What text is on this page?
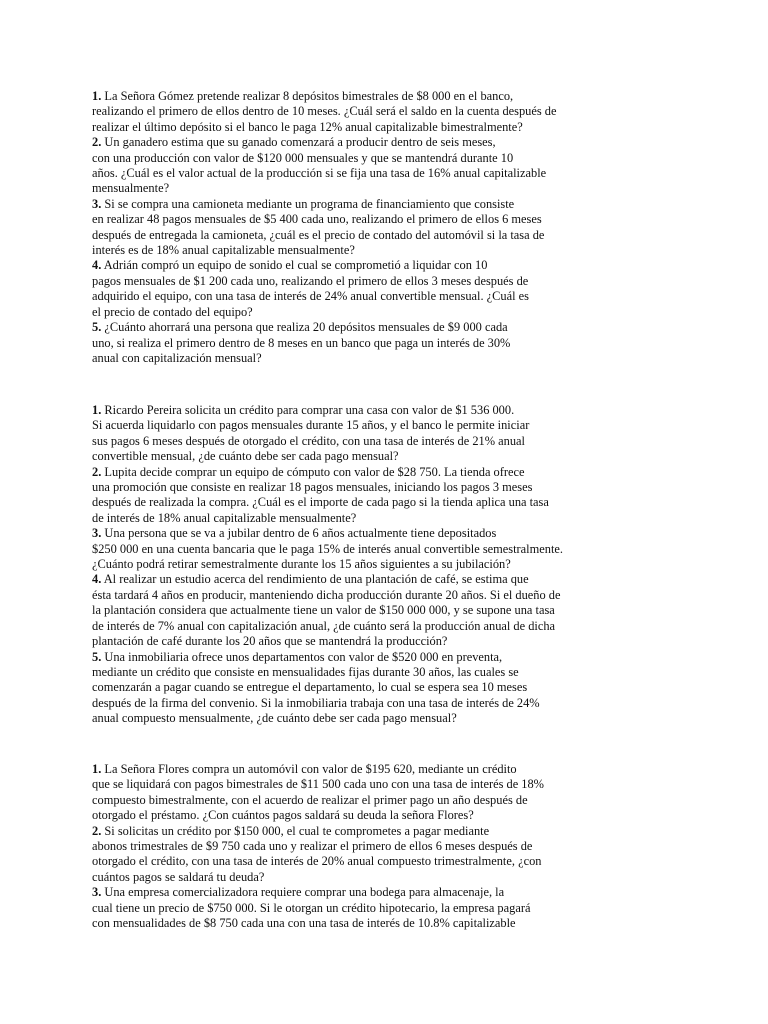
1. La Señora Gómez pretende realizar 8 depósitos bimestrales de $8 000 en el banco,
realizando el primero de ellos dentro de 10 meses. ¿Cuál será el saldo en la cuenta después de
realizar el último depósito si el banco le paga 12% anual capitalizable bimestralmente?
2. Un ganadero estima que su ganado comenzará a producir dentro de seis meses,
con una producción con valor de $120 000 mensuales y que se mantendrá durante 10
años. ¿Cuál es el valor actual de la producción si se fija una tasa de 16% anual capitalizable
mensualmente?
3. Si se compra una camioneta mediante un programa de financiamiento que consiste
en realizar 48 pagos mensuales de $5 400 cada uno, realizando el primero de ellos 6 meses
después de entregada la camioneta, ¿cuál es el precio de contado del automóvil si la tasa de
interés es de 18% anual capitalizable mensualmente?
4. Adrián compró un equipo de sonido el cual se comprometió a liquidar con 10
pagos mensuales de $1 200 cada uno, realizando el primero de ellos 3 meses después de
adquirido el equipo, con una tasa de interés de 24% anual convertible mensual. ¿Cuál es
el precio de contado del equipo?
5. ¿Cuánto ahorrará una persona que realiza 20 depósitos mensuales de $9 000 cada
uno, si realiza el primero dentro de 8 meses en un banco que paga un interés de 30%
anual con capitalización mensual?
1. Ricardo Pereira solicita un crédito para comprar una casa con valor de $1 536 000.
Si acuerda liquidarlo con pagos mensuales durante 15 años, y el banco le permite iniciar
sus pagos 6 meses después de otorgado el crédito, con una tasa de interés de 21% anual
convertible mensual, ¿de cuánto debe ser cada pago mensual?
2. Lupita decide comprar un equipo de cómputo con valor de $28 750. La tienda ofrece
una promoción que consiste en realizar 18 pagos mensuales, iniciando los pagos 3 meses
después de realizada la compra. ¿Cuál es el importe de cada pago si la tienda aplica una tasa
de interés de 18% anual capitalizable mensualmente?
3. Una persona que se va a jubilar dentro de 6 años actualmente tiene depositados
$250 000 en una cuenta bancaria que le paga 15% de interés anual convertible semestralmente.
¿Cuánto podrá retirar semestralmente durante los 15 años siguientes a su jubilación?
4. Al realizar un estudio acerca del rendimiento de una plantación de café, se estima que
ésta tardará 4 años en producir, manteniendo dicha producción durante 20 años. Si el dueño de
la plantación considera que actualmente tiene un valor de $150 000 000, y se supone una tasa
de interés de 7% anual con capitalización anual, ¿de cuánto será la producción anual de dicha
plantación de café durante los 20 años que se mantendrá la producción?
5. Una inmobiliaria ofrece unos departamentos con valor de $520 000 en preventa,
mediante un crédito que consiste en mensualidades fijas durante 30 años, las cuales se
comenzarán a pagar cuando se entregue el departamento, lo cual se espera sea 10 meses
después de la firma del convenio. Si la inmobiliaria trabaja con una tasa de interés de 24%
anual compuesto mensualmente, ¿de cuánto debe ser cada pago mensual?
1. La Señora Flores compra un automóvil con valor de $195 620, mediante un crédito
que se liquidará con pagos bimestrales de $11 500 cada uno con una tasa de interés de 18%
compuesto bimestralmente, con el acuerdo de realizar el primer pago un año después de
otorgado el préstamo. ¿Con cuántos pagos saldará su deuda la señora Flores?
2. Si solicitas un crédito por $150 000, el cual te comprometes a pagar mediante
abonos trimestrales de $9 750 cada uno y realizar el primero de ellos 6 meses después de
otorgado el crédito, con una tasa de interés de 20% anual compuesto trimestralmente, ¿con
cuántos pagos se saldará tu deuda?
3. Una empresa comercializadora requiere comprar una bodega para almacenaje, la
cual tiene un precio de $750 000. Si le otorgan un crédito hipotecario, la empresa pagará
con mensualidades de $8 750 cada una con una tasa de interés de 10.8% capitalizable
